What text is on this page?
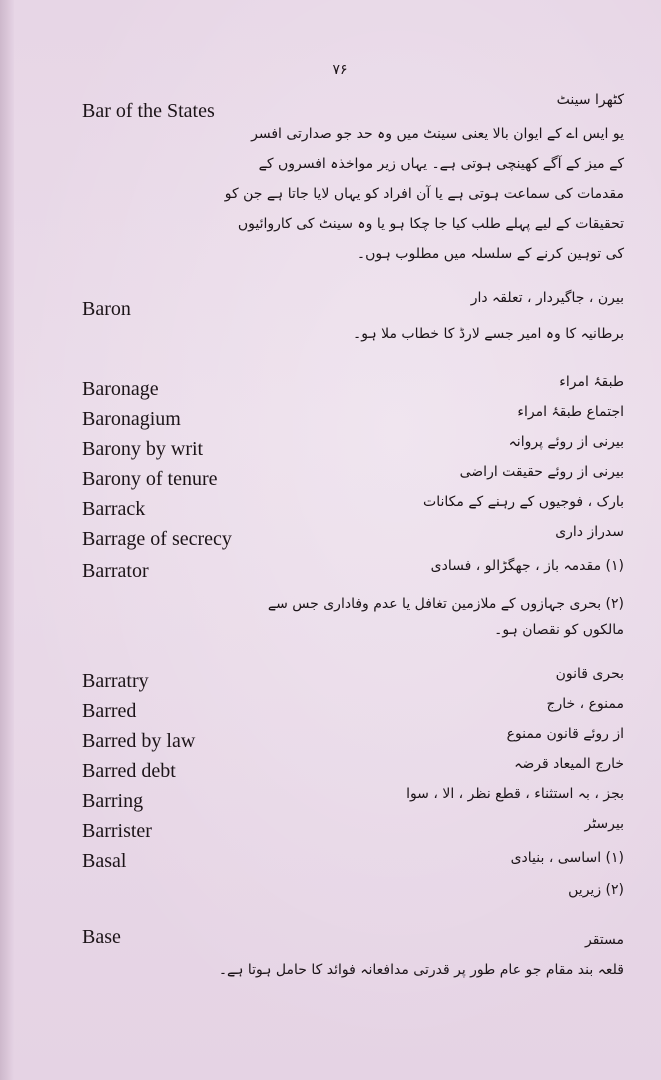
۷۶
Bar of the States	کٹھرا سینٹ
یو ایس اے کے ایوان بالا یعنی سینٹ میں وہ حد جو صدارتی افسر
کے میز کے آگے کھینچی ہوتی ہے۔ یہاں زیر مواخذہ افسروں کے
مقدمات کی سماعت ہوتی ہے یا آن افراد کو یہاں لایا جاتا ہے جن کو
تحقیقات کے لیے پہلے طلب کیا جا چکا ہو یا وہ سینٹ کی کاروائیوں
کی توہین کرنے کے سلسلہ میں مطلوب ہوں۔
Baron	بیرن ، جاگیردار ، تعلقہ دار
برطانیہ کا وہ امیر جسے لارڈ کا خطاب ملا ہو۔
Baronage	طبقۂ امراء
Baronagium	اجتماع طبقۂ امراء
Barony by writ	بیرنی از روئے پروانہ
Barony of tenure	بیرنی از روئے حقیقت اراضی
Barrack	بارک ، فوجیوں کے رہنے کے مکانات
Barrage of secrecy	سدراز داری
Barrator	(۱) مقدمہ باز ، جھگڑالو ، فسادی
(۲) بحری جہازوں کے ملازمین تغافل یا عدم وفاداری جس سے
مالکوں کو نقصان ہو۔
Barratry	بحری قانون
Barred	ممنوع ، خارج
Barred by law	از روئے قانون ممنوع
Barred debt	خارج المیعاد قرضہ
Barring	بجز ، بہ استثناء ، قطع نظر ، الا ، سوا
Barrister	بیرسٹر
Basal	(۱) اساسی ، بنیادی
(۲) زیریں
Base	مستقر
قلعہ بند مقام جو عام طور پر قدرتی مدافعانہ فوائد کا حامل ہوتا ہے۔
